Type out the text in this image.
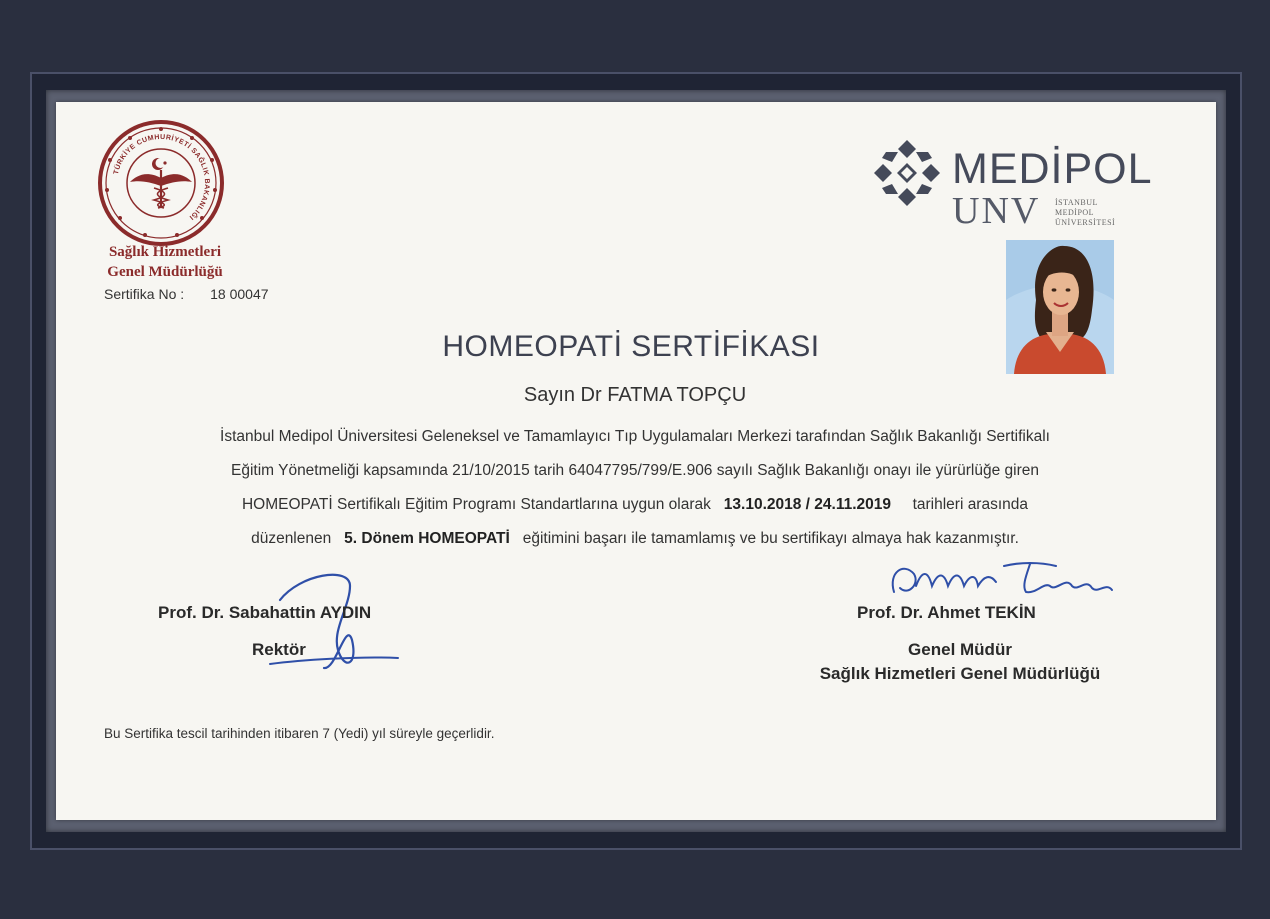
TÜRKİYE CUMHURİYETİ SAĞLIK BAKANLIĞI
Sağlık Hizmetleri
Genel Müdürlüğü
Sertifika No : 18 00047
MEDİPOL
UNV İSTANBUL
MEDİPOL
ÜNİVERSİTESİ
HOMEOPATİ SERTİFİKASI
Sayın Dr FATMA TOPÇU
İstanbul Medipol Üniversitesi Geleneksel ve Tamamlayıcı Tıp Uygulamaları Merkezi tarafından Sağlık Bakanlığı Sertifikalı
Eğitim Yönetmeliği kapsamında 21/10/2015 tarih 64047795/799/E.906 sayılı Sağlık Bakanlığı onayı ile yürürlüğe giren
HOMEOPATİ Sertifikalı Eğitim Programı Standartlarına uygun olarak 13.10.2018 / 24.11.2019 tarihleri arasında
düzenlenen 5. Dönem HOMEOPATİ eğitimini başarı ile tamamlamış ve bu sertifikayı almaya hak kazanmıştır.
Prof. Dr. Sabahattin AYDIN
Rektör
Prof. Dr. Ahmet TEKİN
Genel Müdür
Sağlık Hizmetleri Genel Müdürlüğü
Bu Sertifika tescil tarihinden itibaren 7 (Yedi) yıl süreyle geçerlidir.
